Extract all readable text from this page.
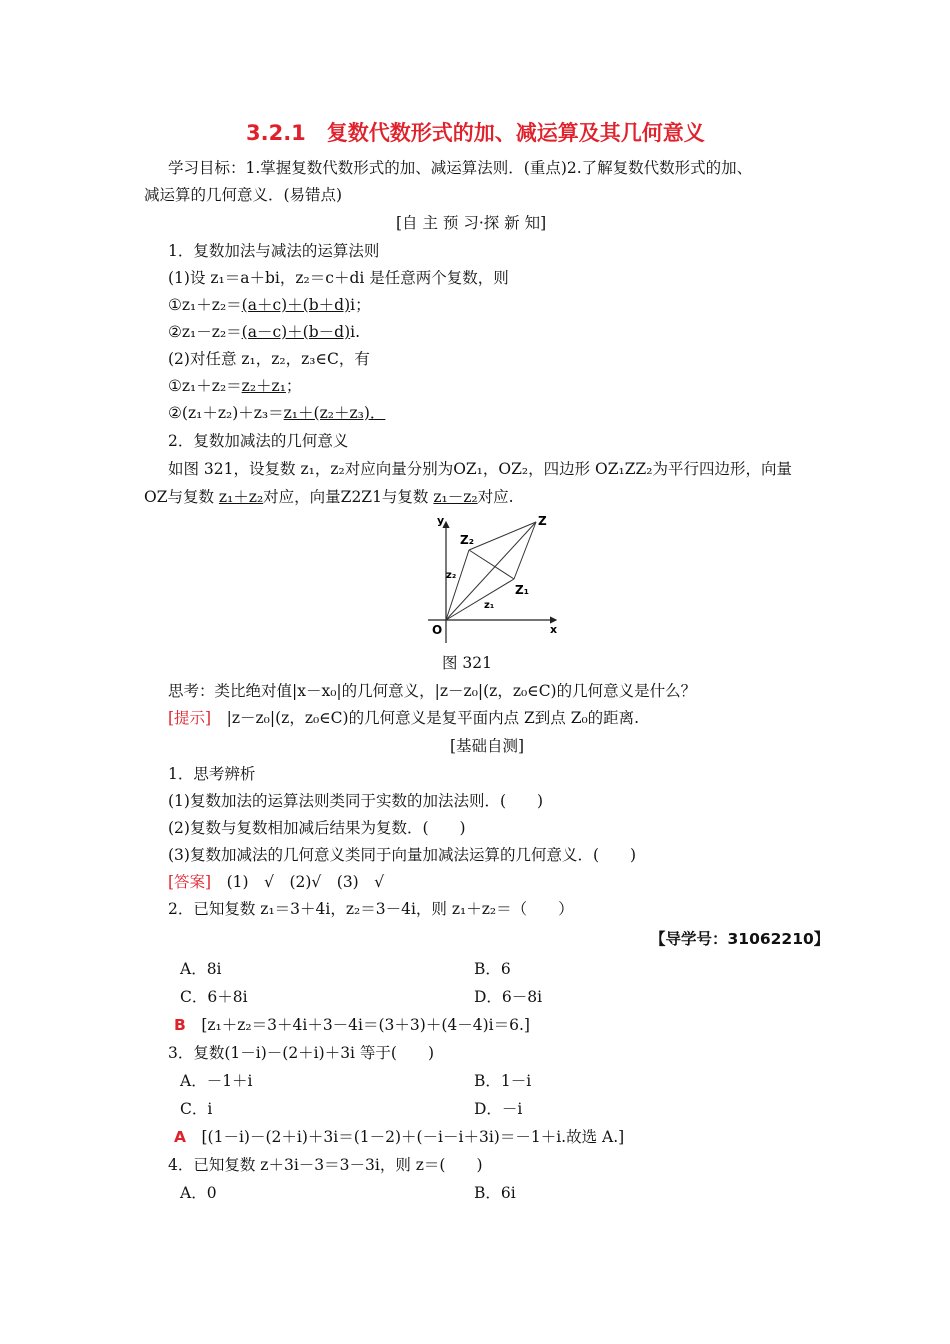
3.2.1　复数代数形式的加、减运算及其几何意义
学习目标：1.掌握复数代数形式的加、减运算法则．(重点)2.了解复数代数形式的加、
减运算的几何意义．(易错点)
[自 主 预 习·探 新 知]
1．复数加法与减法的运算法则
(1)设 z₁＝a＋bi，z₂＝c＋di 是任意两个复数，则
①z₁＋z₂＝(a＋c)＋(b＋d)i；
②z₁－z₂＝(a－c)＋(b－d)i.
(2)对任意 z₁，z₂，z₃∈C，有
①z₁＋z₂＝z₂＋z₁；
②(z₁＋z₂)＋z₃＝z₁＋(z₂＋z₃)．
2．复数加减法的几何意义
如图 321，设复数 z₁，z₂对应向量分别为OZ₁，OZ₂，四边形 OZ₁ZZ₂为平行四边形，向量
OZ与复数 z₁＋z₂对应，向量Z2Z1与复数 z₁－z₂对应.
y
x
O
Z
Z₁
Z₂
z₁
z₂
图 321
思考：类比绝对值|x－x₀|的几何意义，|z－z₀|(z，z₀∈C)的几何意义是什么？
[提示]　|z－z₀|(z，z₀∈C)的几何意义是复平面内点 Z到点 Z₀的距离.
[基础自测]
1．思考辨析
(1)复数加法的运算法则类同于实数的加法法则．(　　)
(2)复数与复数相加减后结果为复数．(　　)
(3)复数加减法的几何意义类同于向量加减法运算的几何意义．(　　)
[答案]　(1)　√　(2)√　(3)　√
2．已知复数 z₁＝3＋4i，z₂＝3－4i，则 z₁＋z₂＝（　　）
【导学号：31062210】
A．8i	B．6
C．6＋8i	D．6－8i
B　[z₁＋z₂＝3＋4i＋3－4i＝(3＋3)＋(4－4)i＝6.]
3．复数(1－i)－(2＋i)＋3i 等于(　　)
A．－1＋i	B．1－i
C．i	D．－i
A　[(1－i)－(2＋i)＋3i＝(1－2)＋(－i－i＋3i)＝－1＋i.故选 A.]
4．已知复数 z＋3i－3＝3－3i，则 z＝(　　)
A．0	B．6i
